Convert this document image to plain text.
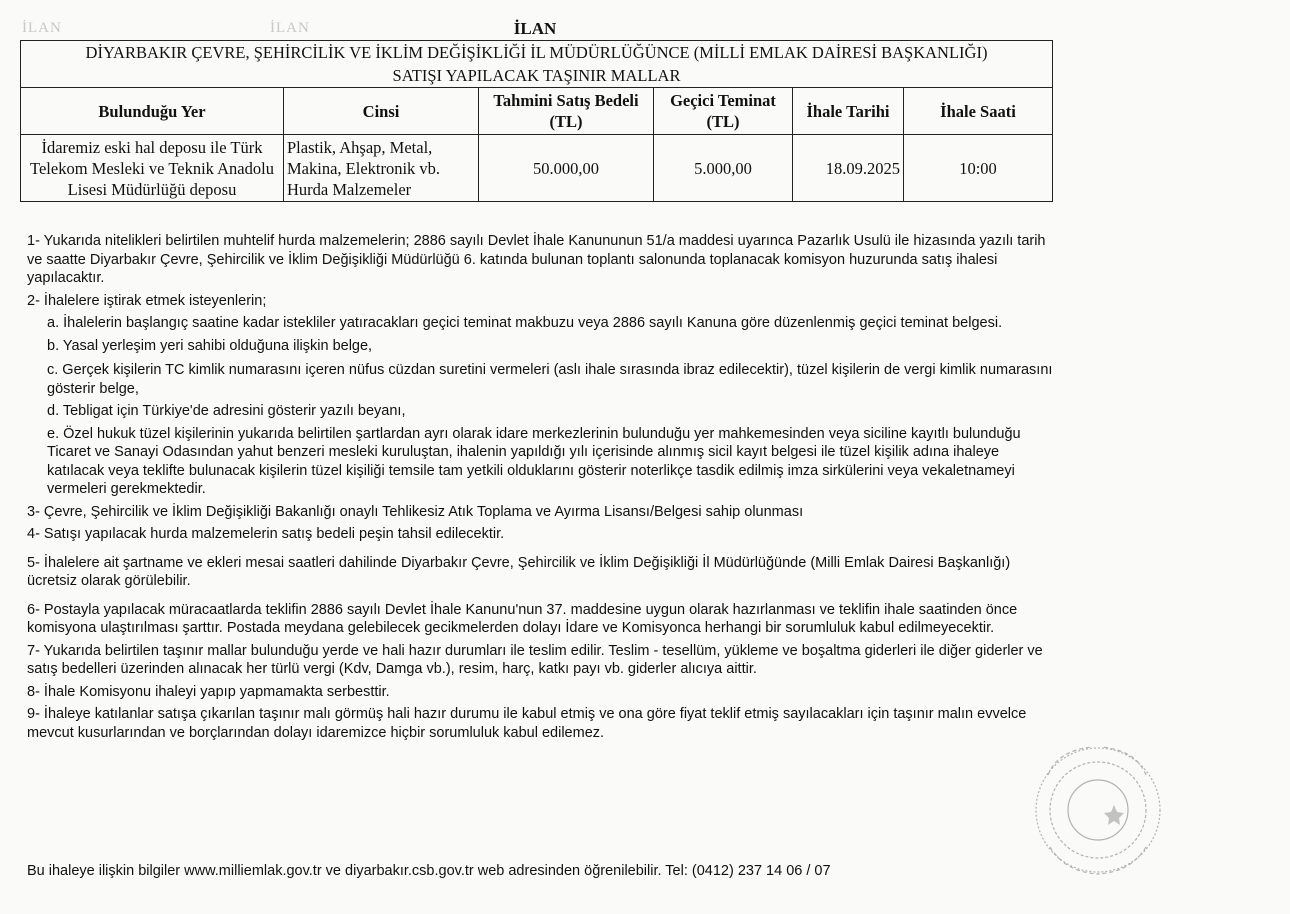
İLAN	İLAN	İLAN
DİYARBAKIR ÇEVRE, ŞEHİRCİLİK VE İKLİM DEĞİŞİKLİĞİ İL MÜDÜRLÜĞÜNCE (MİLLİ EMLAK DAİRESİ BAŞKANLIĞI)
SATIŞI YAPILACAK TAŞINIR MALLAR					

Bulunduğu Yer	Cinsi	Tahmini Satış Bedeli (TL)	Geçici Teminat (TL)	İhale Tarihi	İhale Saati
İdaremiz eski hal deposu ile Türk Telekom Mesleki ve Teknik Anadolu Lisesi Müdürlüğü deposu	Plastik, Ahşap, Metal, Makina, Elektronik vb. Hurda Malzemeler	50.000,00	5.000,00	18.09.2025	10:00

1- Yukarıda nitelikleri belirtilen muhtelif hurda malzemelerin; 2886 sayılı Devlet İhale Kanununun 51/a maddesi uyarınca Pazarlık Usulü ile hizasında yazılı tarih ve saatte Diyarbakır Çevre, Şehircilik ve İklim Değişikliği Müdürlüğü 6. katında bulunan toplantı salonunda toplanacak komisyon huzurunda satış ihalesi yapılacaktır.

2- İhalelere iştirak etmek isteyenlerin;

a. İhalelerin başlangıç saatine kadar istekliler yatıracakları geçici teminat makbuzu veya 2886 sayılı Kanuna göre düzenlenmiş geçici teminat belgesi.

b. Yasal yerleşim yeri sahibi olduğuna ilişkin belge,

c. Gerçek kişilerin TC kimlik numarasını içeren nüfus cüzdan suretini vermeleri (aslı ihale sırasında ibraz edilecektir), tüzel kişilerin de vergi kimlik numarasını gösterir belge,

d. Tebligat için Türkiye'de adresini gösterir yazılı beyanı,

e. Özel hukuk tüzel kişilerinin yukarıda belirtilen şartlardan ayrı olarak idare merkezlerinin bulunduğu yer mahkemesinden veya siciline kayıtlı bulunduğu Ticaret ve Sanayi Odasından yahut benzeri mesleki kuruluştan, ihalenin yapıldığı yılı içerisinde alınmış sicil kayıt belgesi ile tüzel kişilik adına ihaleye katılacak veya teklifte bulunacak kişilerin tüzel kişiliği temsile tam yetkili olduklarını gösterir noterlikçe tasdik edilmiş imza sirkülerini veya vekaletnameyi vermeleri gerekmektedir.

3- Çevre, Şehircilik ve İklim Değişikliği Bakanlığı onaylı Tehlikesiz Atık Toplama ve Ayırma Lisansı/Belgesi sahip olunması

4- Satışı yapılacak hurda malzemelerin satış bedeli peşin tahsil edilecektir.

5- İhalelere ait şartname ve ekleri mesai saatleri dahilinde Diyarbakır Çevre, Şehircilik ve İklim Değişikliği İl Müdürlüğünde (Milli Emlak Dairesi Başkanlığı) ücretsiz olarak görülebilir.

6- Postayla yapılacak müracaatlarda teklifin 2886 sayılı Devlet İhale Kanunu'nun 37. maddesine uygun olarak hazırlanması ve teklifin ihale saatinden önce komisyona ulaştırılması şarttır. Postada meydana gelebilecek gecikmelerden dolayı İdare ve Komisyonca herhangi bir sorumluluk kabul edilmeyecektir.

7- Yukarıda belirtilen taşınır mallar bulunduğu yerde ve hali hazır durumları ile teslim edilir. Teslim - tesellüm, yükleme ve boşaltma giderleri ile diğer giderler ve satış bedelleri üzerinden alınacak her türlü vergi (Kdv, Damga vb.), resim, harç, katkı payı vb. giderler alıcıya aittir.

8- İhale Komisyonu ihaleyi yapıp yapmamakta serbesttir.

9- İhaleye katılanlar satışa çıkarılan taşınır malı görmüş hali hazır durumu ile kabul etmiş ve ona göre fiyat teklif etmiş sayılacakları için taşınır malın evvelce mevcut kusurlarından ve borçlarından dolayı idaremizce hiçbir sorumluluk kabul edilemez.

Bu ihaleye ilişkin bilgiler www.milliemlak.gov.tr ve diyarbakır.csb.gov.tr web adresinden öğrenilebilir. Tel: (0412) 237 14 06 / 07
